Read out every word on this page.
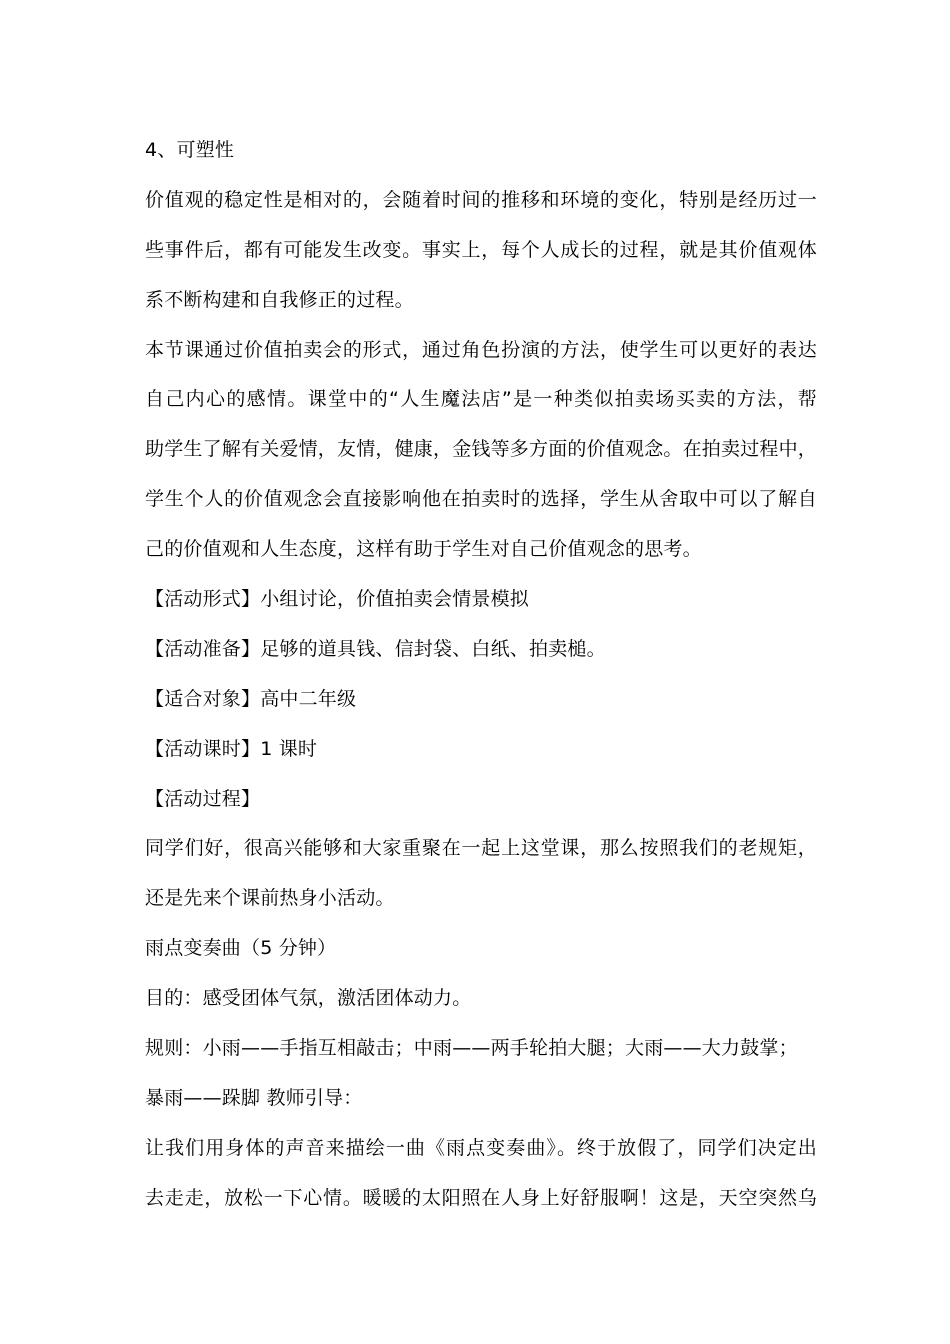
4、可塑性
价值观的稳定性是相对的，会随着时间的推移和环境的变化，特别是经历过一
些事件后，都有可能发生改变。事实上，每个人成长的过程，就是其价值观体
系不断构建和自我修正的过程。
本节课通过价值拍卖会的形式，通过角色扮演的方法，使学生可以更好的表达
自己内心的感情。课堂中的“人生魔法店”是一种类似拍卖场买卖的方法，帮
助学生了解有关爱情，友情，健康，金钱等多方面的价值观念。在拍卖过程中，
学生个人的价值观念会直接影响他在拍卖时的选择，学生从舍取中可以了解自
己的价值观和人生态度，这样有助于学生对自己价值观念的思考。
【活动形式】小组讨论，价值拍卖会情景模拟
【活动准备】足够的道具钱、信封袋、白纸、拍卖槌。
【适合对象】高中二年级
【活动课时】1 课时
【活动过程】
同学们好，很高兴能够和大家重聚在一起上这堂课，那么按照我们的老规矩，
还是先来个课前热身小活动。
雨点变奏曲（5 分钟）
目的：感受团体气氛，激活团体动力。
规则：小雨——手指互相敲击；中雨——两手轮拍大腿；大雨——大力鼓掌；
暴雨——跺脚 教师引导：
让我们用身体的声音来描绘一曲《雨点变奏曲》。终于放假了，同学们决定出
去走走，放松一下心情。暖暖的太阳照在人身上好舒服啊！这是，天空突然乌
